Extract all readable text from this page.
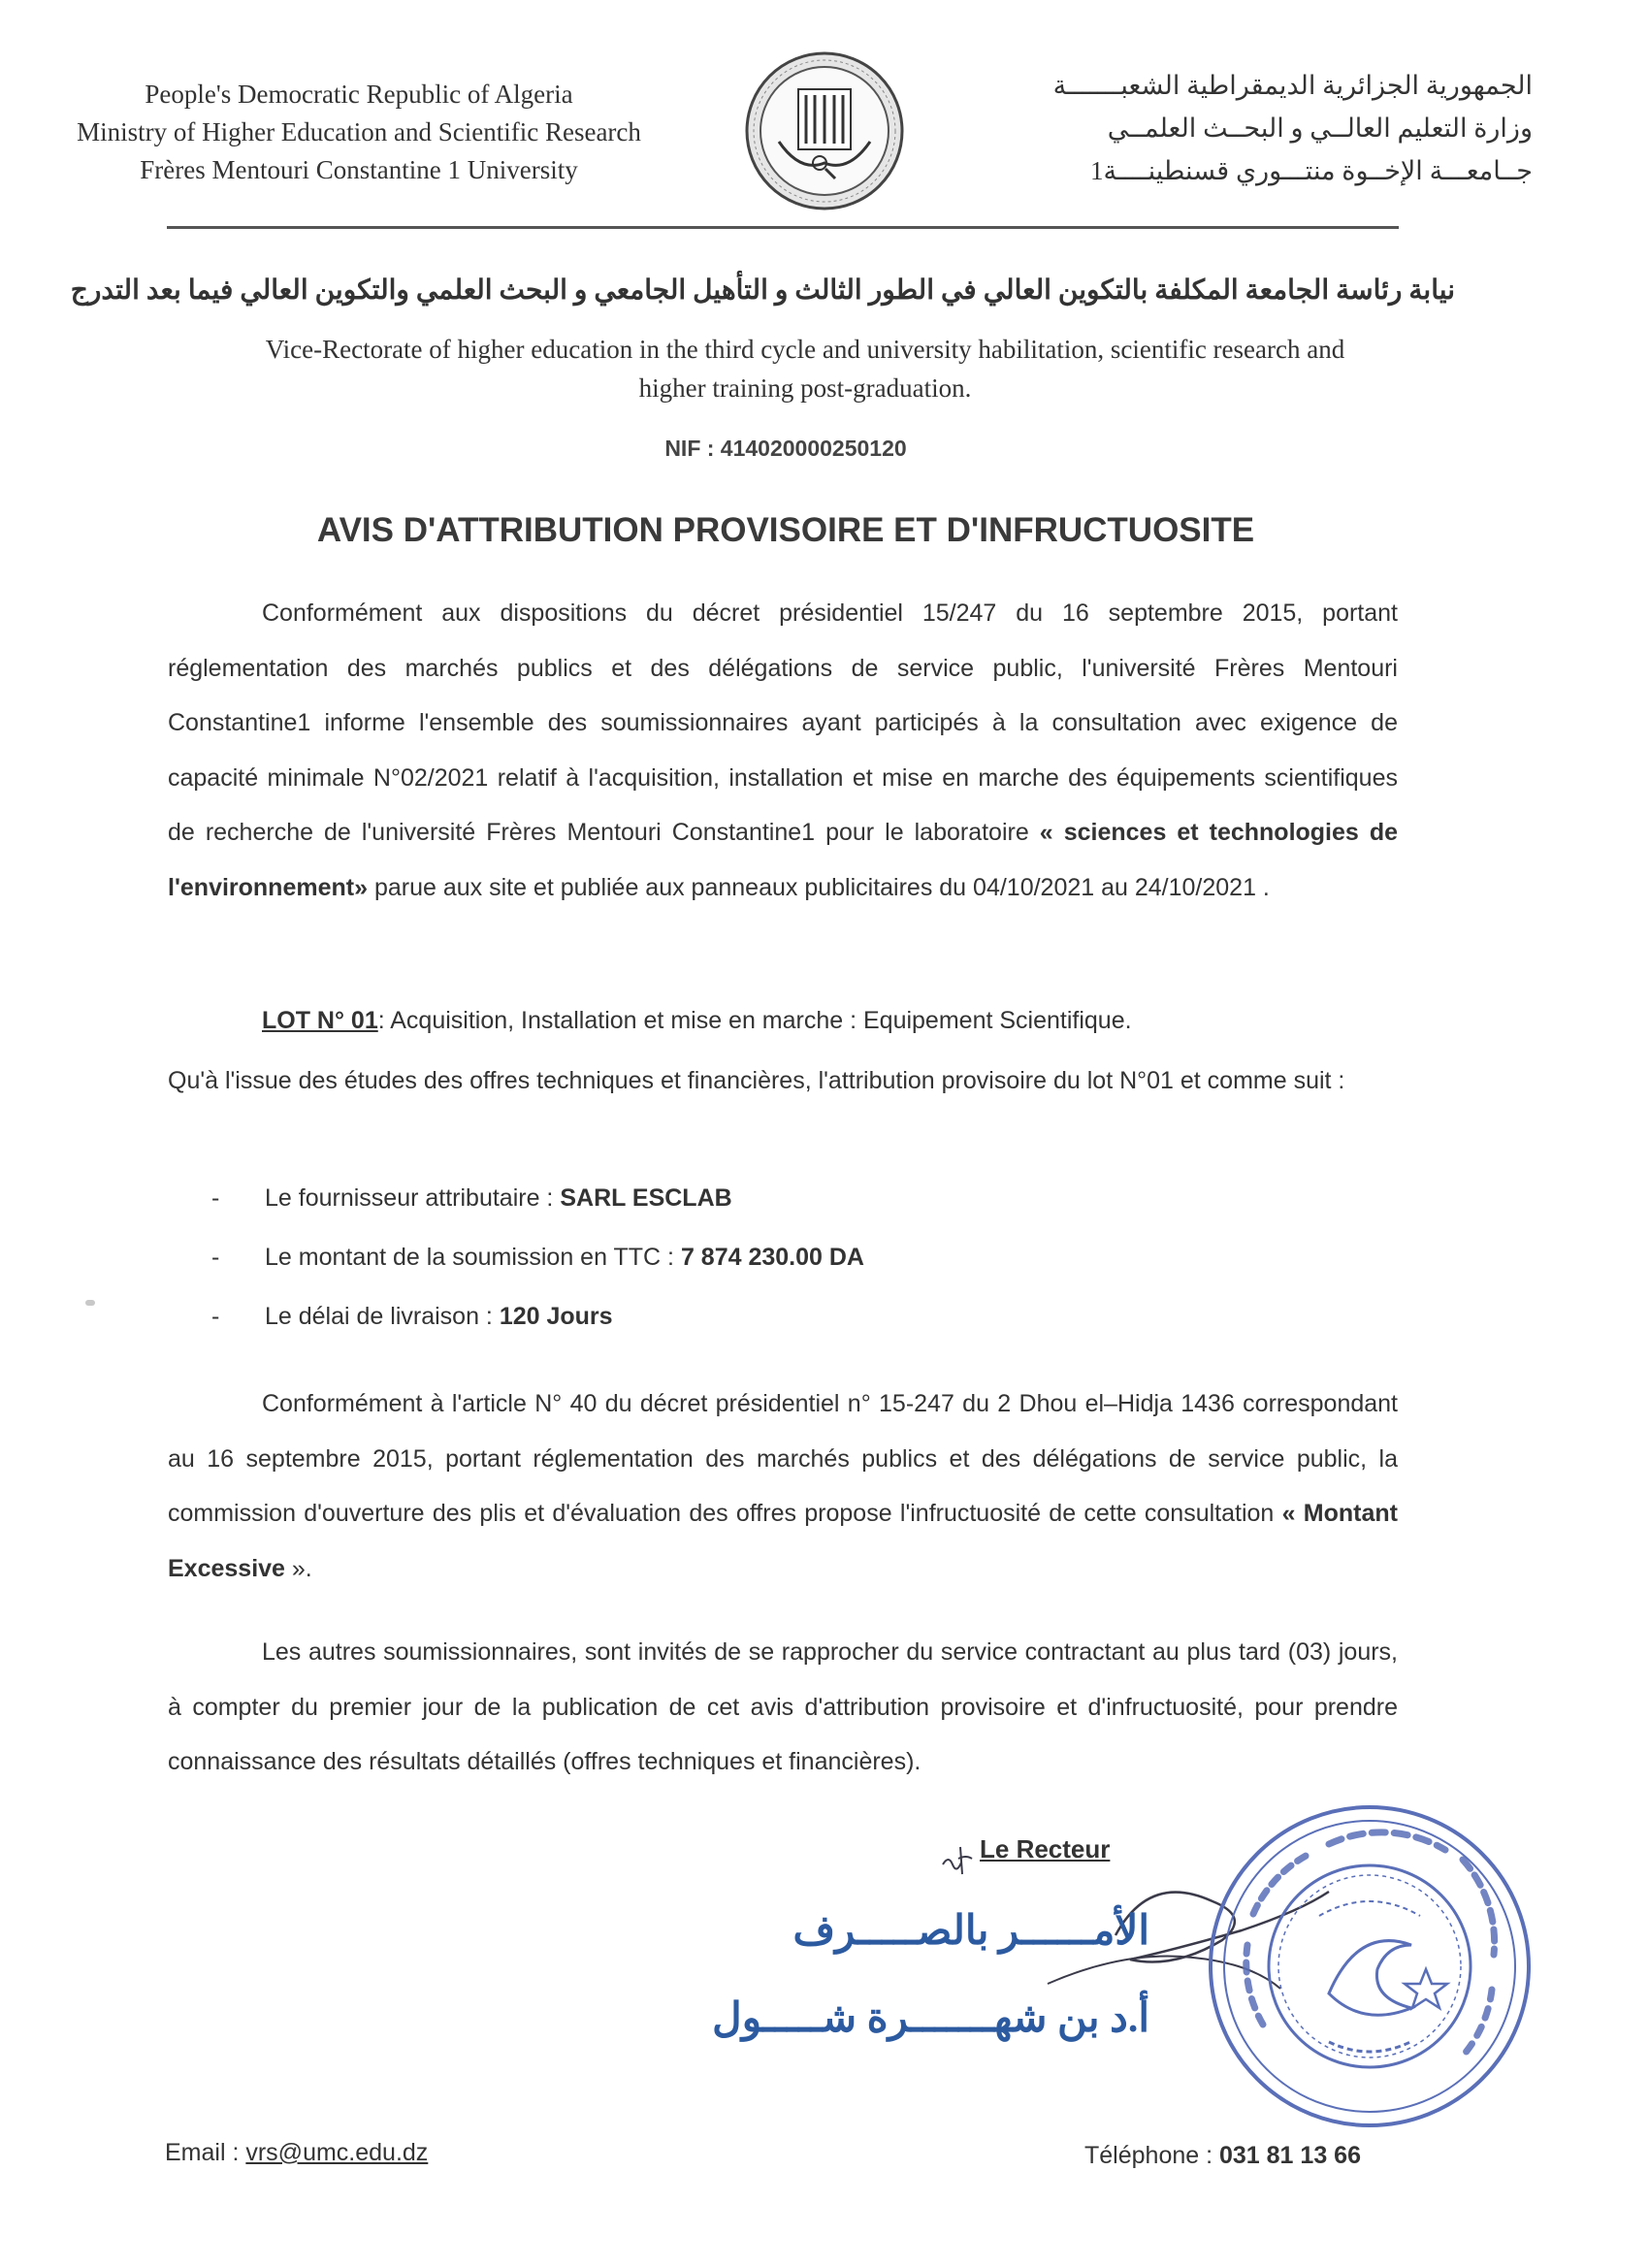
People's Democratic Republic of Algeria
Ministry of Higher Education and Scientific Research
Frères Mentouri Constantine 1 University
الجمهورية الجزائرية الديمقراطية الشعبـــــــة
وزارة التعليم العالــي و البحــث العلمــي
جــامعـــة الإخــوة منتـــوري قسنطينــــة1
نيابة رئاسة الجامعة المكلفة بالتكوين العالي في الطور الثالث و التأهيل الجامعي و البحث العلمي والتكوين العالي فيما بعد التدرج
Vice-Rectorate of higher education in the third cycle and university habilitation, scientific research and
higher training post-graduation.
NIF : 414020000250120
AVIS D'ATTRIBUTION PROVISOIRE ET D'INFRUCTUOSITE
Conformément aux dispositions du décret présidentiel 15/247 du 16 septembre 2015, portant réglementation des marchés publics et des délégations de service public, l'université Frères Mentouri Constantine1 informe l'ensemble des soumissionnaires ayant participés à la consultation avec exigence de capacité minimale N°02/2021 relatif à l'acquisition, installation et mise en marche des équipements scientifiques de recherche de l'université Frères Mentouri Constantine1 pour le laboratoire « sciences et technologies de l'environnement» parue aux site et publiée aux panneaux publicitaires du 04/10/2021 au 24/10/2021 .
LOT N° 01: Acquisition, Installation et mise en marche : Equipement Scientifique.
Qu'à l'issue des études des offres techniques et financières, l'attribution provisoire du lot N°01 et comme suit :
-	Le fournisseur attributaire :
SARL ESCLAB
-	Le montant de la soumission en TTC :
7 874 230.00 DA
-	Le délai de livraison :
120 Jours
Conformément à l'article N° 40 du décret présidentiel n° 15-247 du 2 Dhou el–Hidja 1436 correspondant au 16 septembre 2015, portant réglementation des marchés publics et des délégations de service public, la commission d'ouverture des plis et d'évaluation des offres propose l'infructuosité de cette consultation « Montant Excessive ».
Les autres soumissionnaires, sont invités de se rapprocher du service contractant au plus tard (03) jours, à compter du premier jour de la publication de cet avis d'attribution provisoire et d'infructuosité, pour prendre connaissance des résultats détaillés (offres techniques et financières).
Le Recteur
الأمــــــر بالصـــــرف
أ.د بن شهـــــــرة شـــــول
Email : vrs@umc.edu.dz	Téléphone : 031 81 13 66
